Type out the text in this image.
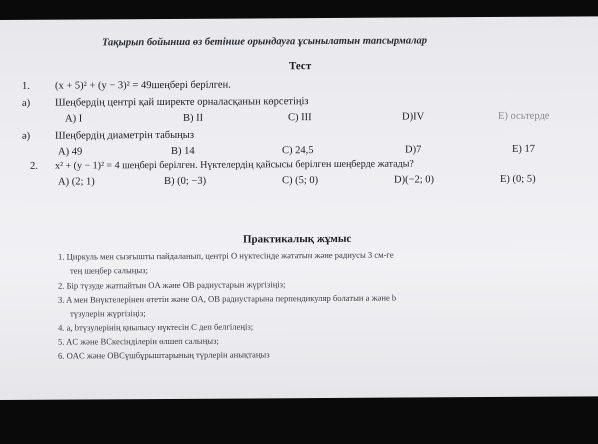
Тақырып бойынша өз бетінше орындауға ұсынылатын тапсырмалар
Тест
1. (x + 5)² + (y − 3)² = 49шеңбері берілген.
а) Шеңбердің центрі қай ширекте орналасқанын көрсетіңіз
A) I	B) II	C) III	D)IV	E) осьтерде
ә) Шеңбердің диаметрін табыңыз
A) 49	B) 14	C) 24,5	D)7	E) 17
2. x² + (y − 1)² = 4 шеңбері берілген. Нүктелердің қайсысы берілген шеңберде жатады?
A) (2; 1)	B) (0; −3)	C) (5; 0)	D)(−2; 0)	E) (0; 5)
Практикалық жұмыс
1. Циркуль мен сызғышты пайдаланып, центрі O нүктесінде жататын және радиусы 3 см-ге
тең шеңбер салыңыз;
2. Бір түзуде жатпайтын OA және OB радиустарын жүргізіңіз;
3. A мен Bнүктелерінен өтетін және OA, OB радиустарына перпендикуляр болатын a және b
түзулерін жүргізіңіз;
4. a, bтүзулерінің қиылысу нүктесін C деп белгілеңіз;
5. AC және BCкесінділерін өлшеп салыңыз;
6. OAC және OBCүшбұрыштарының түрлерін анықтаңыз
